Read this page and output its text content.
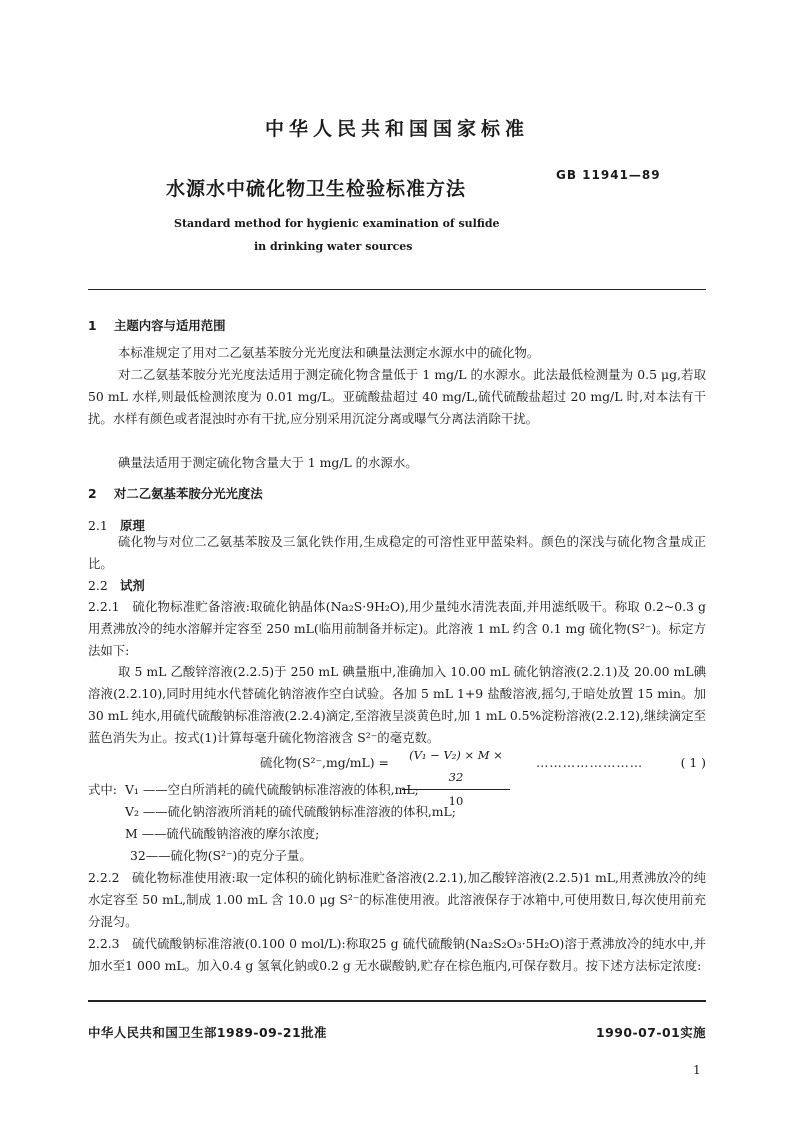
中华人民共和国国家标准
水源水中硫化物卫生检验标准方法
GB 11941—89
Standard method for hygienic examination of sulfide
in drinking water sources
1 主题内容与适用范围
本标准规定了用对二乙氨基苯胺分光光度法和碘量法测定水源水中的硫化物。
对二乙氨基苯胺分光光度法适用于测定硫化物含量低于 1 mg/L 的水源水。此法最低检测量为 0.5 μg,若取 50 mL 水样,则最低检测浓度为 0.01 mg/L。亚硫酸盐超过 40 mg/L,硫代硫酸盐超过 20 mg/L 时,对本法有干扰。水样有颜色或者混浊时亦有干扰,应分别采用沉淀分离或曝气分离法消除干扰。
碘量法适用于测定硫化物含量大于 1 mg/L 的水源水。
2 对二乙氨基苯胺分光光度法
2.1 原理
硫化物与对位二乙氨基苯胺及三氯化铁作用,生成稳定的可溶性亚甲蓝染料。颜色的深浅与硫化物含量成正比。
2.2 试剂
2.2.1　硫化物标准贮备溶液:取硫化钠晶体(Na₂S·9H₂O),用少量纯水清洗表面,并用滤纸吸干。称取 0.2~0.3 g 用煮沸放冷的纯水溶解并定容至 250 mL(临用前制备并标定)。此溶液 1 mL 约含 0.1 mg 硫化物(S²⁻)。标定方法如下:
取 5 mL 乙酸锌溶液(2.2.5)于 250 mL 碘量瓶中,准确加入 10.00 mL 硫化钠溶液(2.2.1)及 20.00 mL碘溶液(2.2.10),同时用纯水代替硫化钠溶液作空白试验。各加 5 mL 1+9 盐酸溶液,摇匀,于暗处放置 15 min。加 30 mL 纯水,用硫代硫酸钠标准溶液(2.2.4)滴定,至溶液呈淡黄色时,加 1 mL 0.5%淀粉溶液(2.2.12),继续滴定至蓝色消失为止。按式(1)计算每毫升硫化物溶液含 S²⁻的毫克数。
硫化物$(S^{2-},mg/mL) = \frac{\text{(V₁ − V₂) × M × 32}}{10}$ ……………………	( 1 )
式中: V₁ ——空白所消耗的硫代硫酸钠标准溶液的体积,mL;
V₂ ——硫化钠溶液所消耗的硫代硫酸钠标准溶液的体积,mL;
M ——硫代硫酸钠溶液的摩尔浓度;
32——硫化物(S²⁻)的克分子量。
2.2.2　硫化物标准使用液:取一定体积的硫化钠标准贮备溶液(2.2.1),加乙酸锌溶液(2.2.5)1 mL,用煮沸放冷的纯水定容至 50 mL,制成 1.00 mL 含 10.0 μg S²⁻的标准使用液。此溶液保存于冰箱中,可使用数日,每次使用前充分混匀。
2.2.3　硫代硫酸钠标准溶液(0.100 0 mol/L):称取25 g 硫代硫酸钠(Na₂S₂O₃·5H₂O)溶于煮沸放冷的纯水中,并加水至1 000 mL。加入0.4 g 氢氧化钠或0.2 g 无水碳酸钠,贮存在棕色瓶内,可保存数月。按下述方法标定浓度:
中华人民共和国卫生部1989-09-21批准	1990-07-01实施
1
